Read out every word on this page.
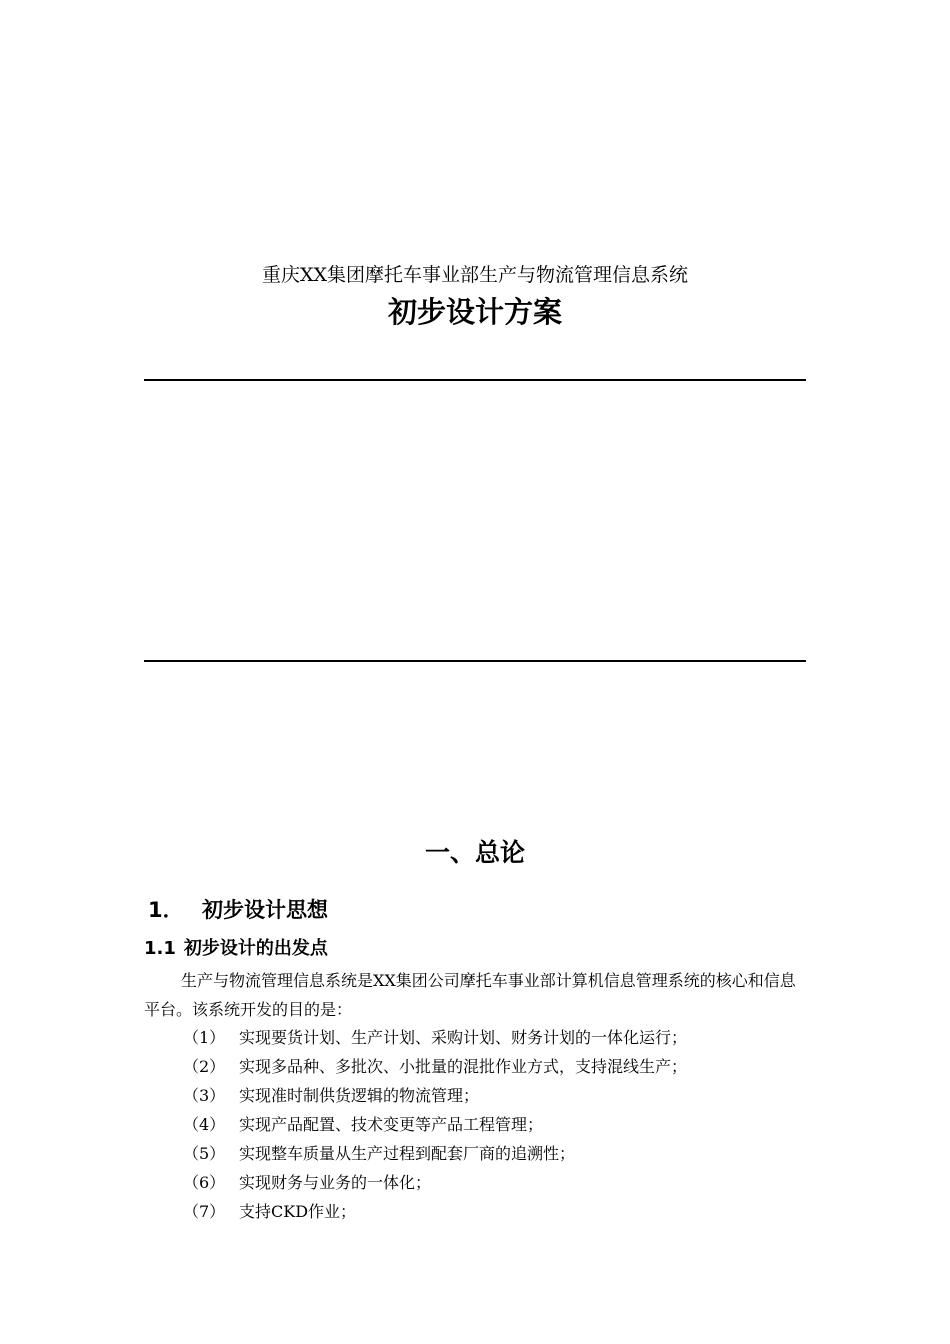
重庆XX集团摩托车事业部生产与物流管理信息系统
初步设计方案
一、总论
1． 初步设计思想
1.1 初步设计的出发点

生产与物流管理信息系统是XX集团公司摩托车事业部计算机信息管理系统的核心和信息平台。该系统开发的目的是：

（1） 实现要货计划、生产计划、采购计划、财务计划的一体化运行；
（2） 实现多品种、多批次、小批量的混批作业方式，支持混线生产；
（3） 实现准时制供货逻辑的物流管理；
（4） 实现产品配置、技术变更等产品工程管理；
（5） 实现整车质量从生产过程到配套厂商的追溯性；
（6） 实现财务与业务的一体化；
（7） 支持CKD作业；
